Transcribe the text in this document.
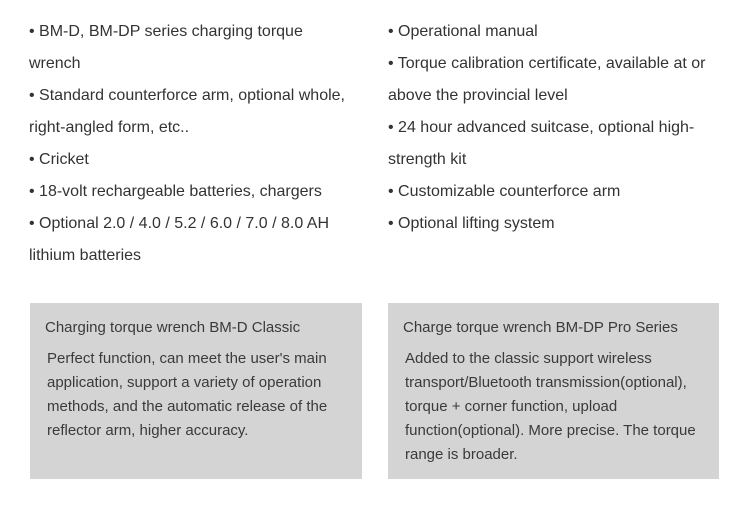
• BM-D, BM-DP series charging torque wrench
• Standard counterforce arm, optional whole, right-angled form, etc..
• Cricket
• 18-volt rechargeable batteries, chargers
• Optional 2.0 / 4.0 / 5.2 / 6.0 / 7.0 / 8.0 AH lithium batteries
• Operational manual
• Torque calibration certificate, available at or above the provincial level
• 24 hour advanced suitcase, optional high-strength kit
• Customizable counterforce arm
• Optional lifting system
Charging torque wrench BM-D Classic
Perfect function, can meet the user's main application, support a variety of operation methods, and the automatic release of the reflector arm, higher accuracy.
Charge torque wrench BM-DP Pro Series
Added to the classic support wireless transport/Bluetooth transmission(optional), torque + corner function, upload function(optional). More precise. The torque range is broader.
